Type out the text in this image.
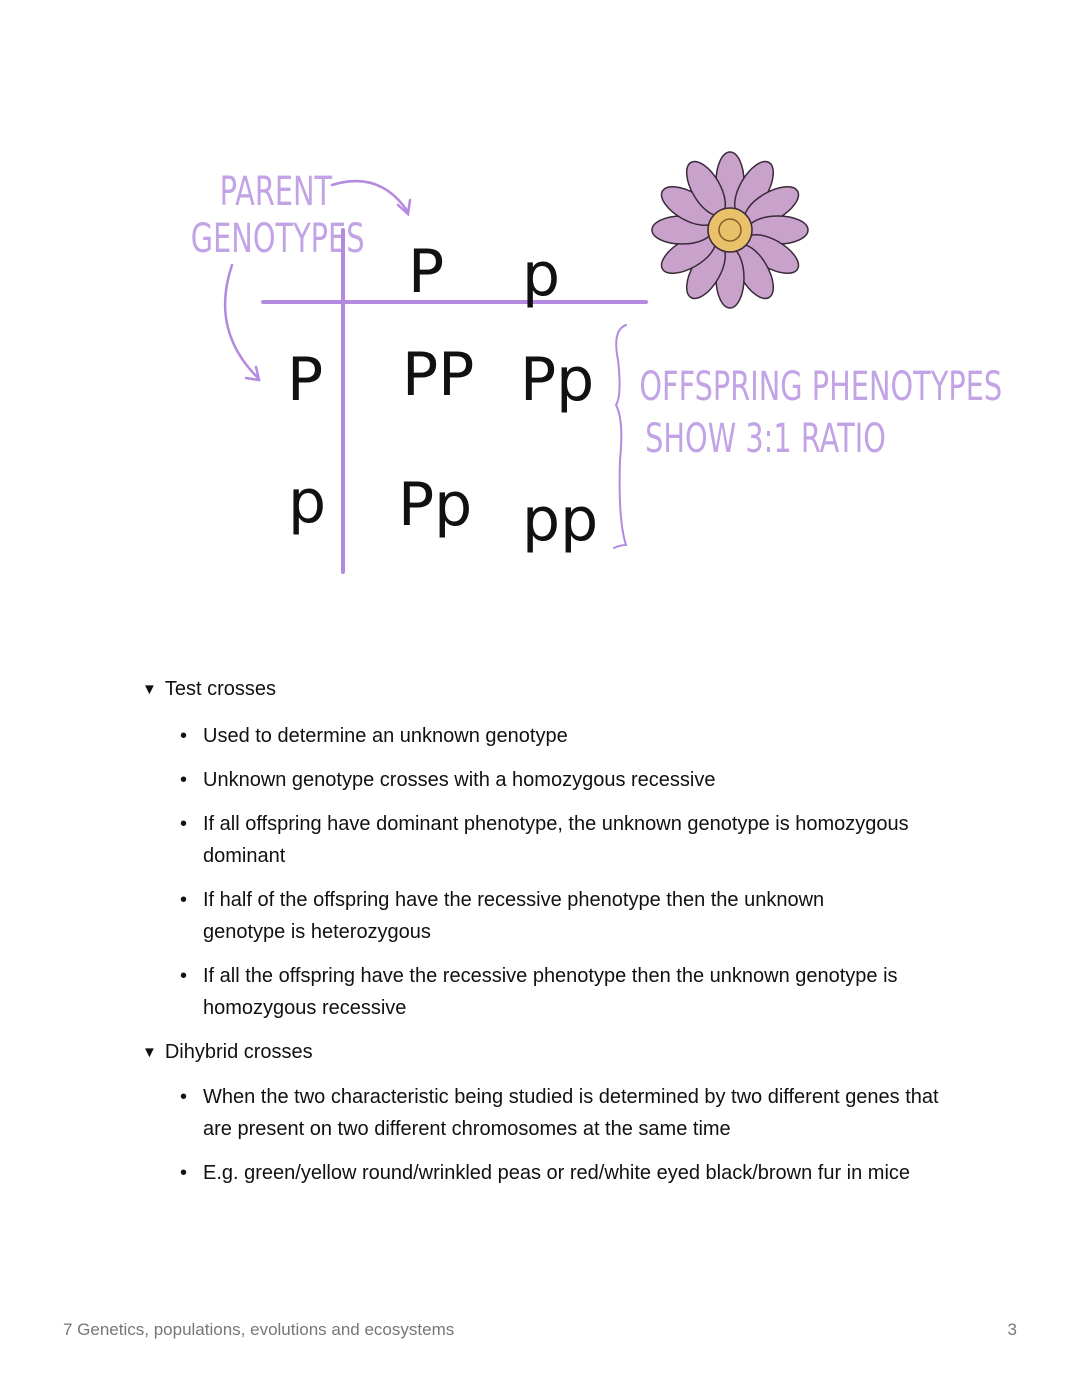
PARENT
GENOTYPES
OFFSPRING PHENOTYPES
SHOW 3:1 RATIO
P p
P
p
PP Pp
Pp pp
▼ Test crosses
• Used to determine an unknown genotype
• Unknown genotype crosses with a homozygous recessive
• If all offspring have dominant phenotype, the unknown genotype is homozygous dominant
• If half of the offspring have the recessive phenotype then the unknown genotype is heterozygous
• If all the offspring have the recessive phenotype then the unknown genotype is homozygous recessive
▼ Dihybrid crosses
• When the two characteristic being studied is determined by two different genes that are present on two different chromosomes at the same time
• E.g. green/yellow round/wrinkled peas or red/white eyed black/brown fur in mice
7 Genetics, populations, evolutions and ecosystems	3
